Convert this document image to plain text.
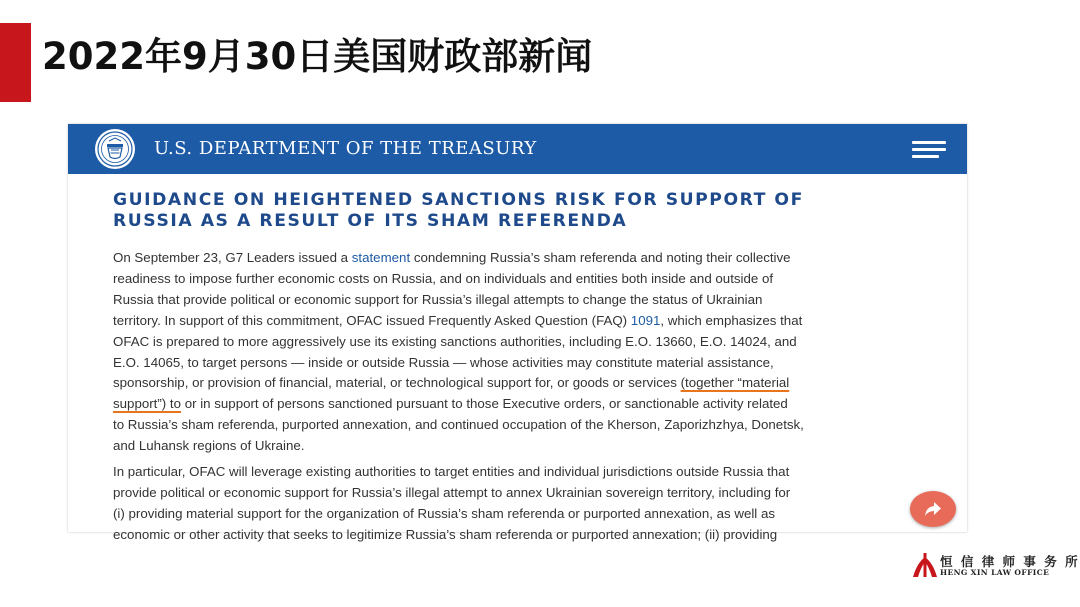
2022年9月30日美国财政部新闻
U.S. DEPARTMENT OF THE TREASURY
GUIDANCE ON HEIGHTENED SANCTIONS RISK FOR SUPPORT OF
RUSSIA AS A RESULT OF ITS SHAM REFERENDA
On September 23, G7 Leaders issued a statement condemning Russia’s sham referenda and noting their collective
readiness to impose further economic costs on Russia, and on individuals and entities both inside and outside of
Russia that provide political or economic support for Russia’s illegal attempts to change the status of Ukrainian
territory. In support of this commitment, OFAC issued Frequently Asked Question (FAQ) 1091, which emphasizes that
OFAC is prepared to more aggressively use its existing sanctions authorities, including E.O. 13660, E.O. 14024, and
E.O. 14065, to target persons — inside or outside Russia — whose activities may constitute material assistance,
sponsorship, or provision of financial, material, or technological support for, or goods or services (together “material
support”) to or in support of persons sanctioned pursuant to those Executive orders, or sanctionable activity related
to Russia’s sham referenda, purported annexation, and continued occupation of the Kherson, Zaporizhzhya, Donetsk,
and Luhansk regions of Ukraine.
In particular, OFAC will leverage existing authorities to target entities and individual jurisdictions outside Russia that
provide political or economic support for Russia’s illegal attempt to annex Ukrainian sovereign territory, including for
(i) providing material support for the organization of Russia’s sham referenda or purported annexation, as well as
economic or other activity that seeks to legitimize Russia’s sham referenda or purported annexation; (ii) providing
恒 信 律 师 事 务 所
HENG XIN LAW OFFICE
